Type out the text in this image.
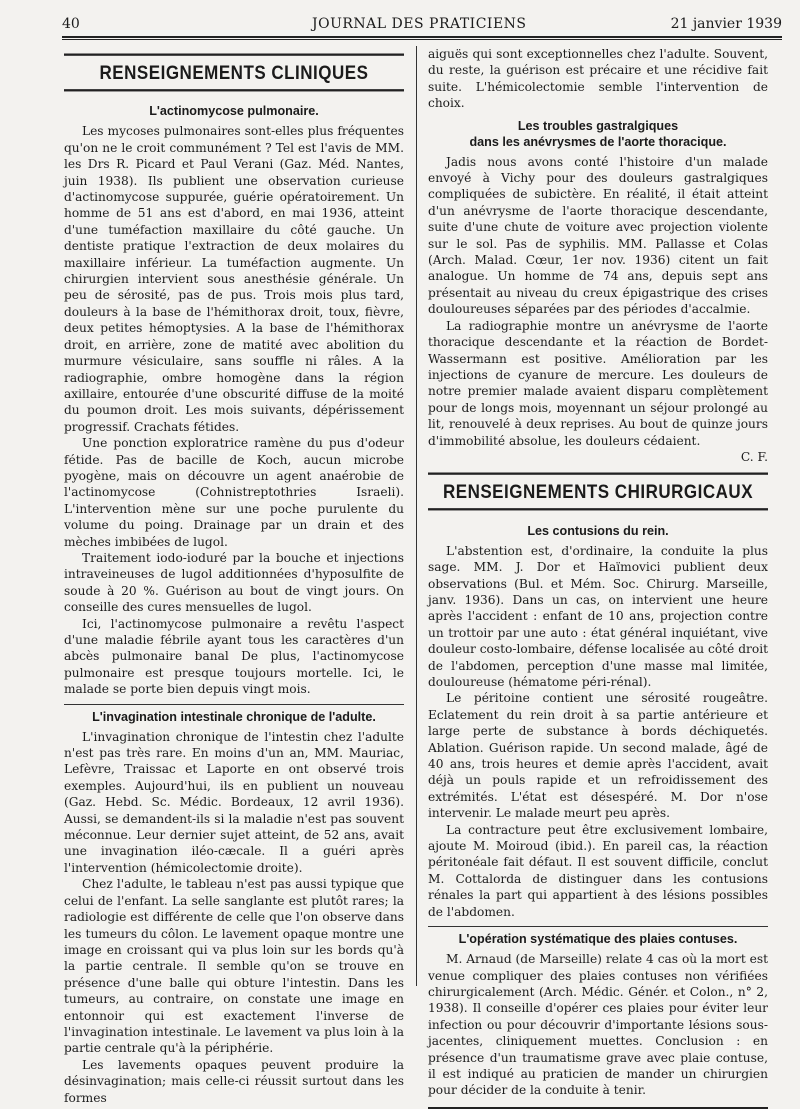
40	JOURNAL DES PRATICIENS	21 janvier 1939
RENSEIGNEMENTS CLINIQUES
L'actinomycose pulmonaire.

Les mycoses pulmonaires sont-elles plus fréquentes qu'on ne le croit communément ? Tel est l'avis de MM. les Drs R. Picard et Paul Verani (Gaz. Méd. Nantes, juin 1938). Ils publient une observation curieuse d'actinomycose suppurée, guérie opératoirement. Un homme de 51 ans est d'abord, en mai 1936, atteint d'une tuméfaction maxillaire du côté gauche. Un dentiste pratique l'extraction de deux molaires du maxillaire inférieur. La tuméfaction augmente. Un chirurgien intervient sous anesthésie générale. Un peu de sérosité, pas de pus. Trois mois plus tard, douleurs à la base de l'hémithorax droit, toux, fièvre, deux petites hémoptysies. A la base de l'hémithorax droit, en arrière, zone de matité avec abolition du murmure vésiculaire, sans souffle ni râles. A la radiographie, ombre homogène dans la région axillaire, entourée d'une obscurité diffuse de la moité du poumon droit. Les mois suivants, dépérissement progressif. Crachats fétides.

Une ponction exploratrice ramène du pus d'odeur fétide. Pas de bacille de Koch, aucun microbe pyogène, mais on découvre un agent anaérobie de l'actinomycose (Cohnistreptothries Israeli). L'intervention mène sur une poche purulente du volume du poing. Drainage par un drain et des mèches imbibées de lugol.

Traitement iodo-ioduré par la bouche et injections intraveineuses de lugol additionnées d'hyposulfite de soude à 20 %. Guérison au bout de vingt jours. On conseille des cures mensuelles de lugol.

Ici, l'actinomycose pulmonaire a revêtu l'aspect d'une maladie fébrile ayant tous les caractères d'un abcès pulmonaire banal De plus, l'actinomycose pulmonaire est presque toujours mortelle. Ici, le malade se porte bien depuis vingt mois.

L'invagination intestinale chronique de l'adulte.

L'invagination chronique de l'intestin chez l'adulte n'est pas très rare. En moins d'un an, MM. Mauriac, Lefèvre, Traissac et Laporte en ont observé trois exemples. Aujourd'hui, ils en publient un nouveau (Gaz. Hebd. Sc. Médic. Bordeaux, 12 avril 1936). Aussi, se demandent-ils si la maladie n'est pas souvent méconnue. Leur dernier sujet atteint, de 52 ans, avait une invagination iléo-cæcale. Il a guéri après l'intervention (hémicolectomie droite).

Chez l'adulte, le tableau n'est pas aussi typique que celui de l'enfant. La selle sanglante est plutôt rares; la radiologie est différente de celle que l'on observe dans les tumeurs du côlon. Le lavement opaque montre une image en croissant qui va plus loin sur les bords qu'à la partie centrale. Il semble qu'on se trouve en présence d'une balle qui obture l'intestin. Dans les tumeurs, au contraire, on constate une image en entonnoir qui est exactement l'inverse de l'invagination intestinale. Le lavement va plus loin à la partie centrale qu'à la périphérie.

Les lavements opaques peuvent produire la désinvagination; mais celle-ci réussit surtout dans les formes

aiguës qui sont exceptionnelles chez l'adulte. Souvent, du reste, la guérison est précaire et une récidive fait suite. L'hémicolectomie semble l'intervention de choix.

Les troubles gastralgiques
dans les anévrysmes de l'aorte thoracique.

Jadis nous avons conté l'histoire d'un malade envoyé à Vichy pour des douleurs gastralgiques compliquées de subictère. En réalité, il était atteint d'un anévrysme de l'aorte thoracique descendante, suite d'une chute de voiture avec projection violente sur le sol. Pas de syphilis. MM. Pallasse et Colas (Arch. Malad. Cœur, 1er nov. 1936) citent un fait analogue. Un homme de 74 ans, depuis sept ans présentait au niveau du creux épigastrique des crises douloureuses séparées par des périodes d'accalmie.

La radiographie montre un anévrysme de l'aorte thoracique descendante et la réaction de Bordet-Wassermann est positive. Amélioration par les injections de cyanure de mercure. Les douleurs de notre premier malade avaient disparu complètement pour de longs mois, moyennant un séjour prolongé au lit, renouvelé à deux reprises. Au bout de quinze jours d'immobilité absolue, les douleurs cédaient.

C. F.
RENSEIGNEMENTS CHIRURGICAUX
Les contusions du rein.

L'abstention est, d'ordinaire, la conduite la plus sage. MM. J. Dor et Haïmovici publient deux observations (Bul. et Mém. Soc. Chirurg. Marseille, janv. 1936). Dans un cas, on intervient une heure après l'accident : enfant de 10 ans, projection contre un trottoir par une auto : état général inquiétant, vive douleur costo-lombaire, défense localisée au côté droit de l'abdomen, perception d'une masse mal limitée, douloureuse (hématome péri-rénal).

Le péritoine contient une sérosité rougeâtre. Eclatement du rein droit à sa partie antérieure et large perte de substance à bords déchiquetés. Ablation. Guérison rapide. Un second malade, âgé de 40 ans, trois heures et demie après l'accident, avait déjà un pouls rapide et un refroidissement des extrémités. L'état est désespéré. M. Dor n'ose intervenir. Le malade meurt peu après.

La contracture peut être exclusivement lombaire, ajoute M. Moiroud (ibid.). En pareil cas, la réaction péritonéale fait défaut. Il est souvent difficile, conclut M. Cottalorda de distinguer dans les contusions rénales la part qui appartient à des lésions possibles de l'abdomen.

L'opération systématique des plaies contuses.

M. Arnaud (de Marseille) relate 4 cas où la mort est venue compliquer des plaies contuses non vérifiées chirurgicalement (Arch. Médic. Génér. et Colon., n° 2, 1938). Il conseille d'opérer ces plaies pour éviter leur infection ou pour découvrir d'importante lésions sous-jacentes, cliniquement muettes. Conclusion : en présence d'un traumatisme grave avec plaie contuse, il est indiqué au praticien de mander un chirurgien pour décider de la conduite à tenir.
